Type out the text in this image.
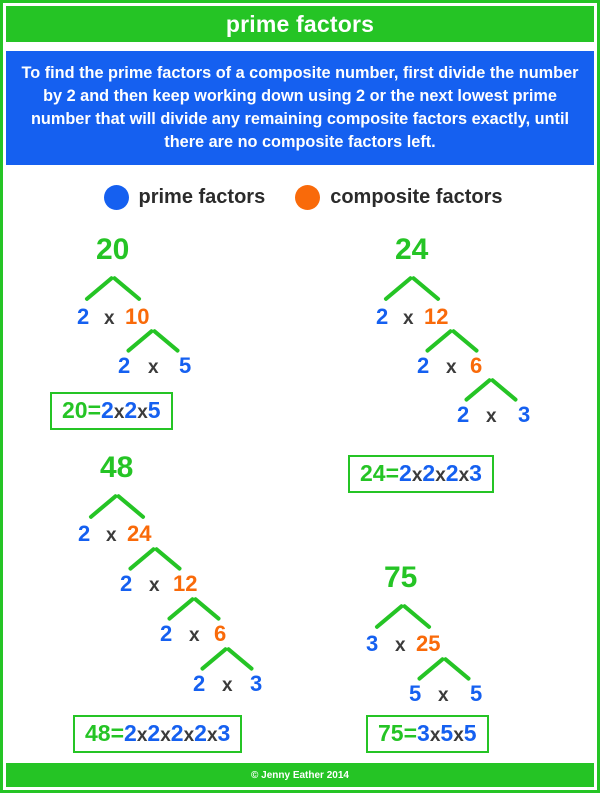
prime factors

To find the prime factors of a composite number, first divide the number by 2 and then keep working down using 2 or the next lowest prime number that will divide any remaining composite factors exactly, until there are no composite factors left.

prime factors	composite factors
20
2 x 10
2 x 5
20=2x2x5
24
2 x 12
2 x 6
2 x 3
24=2x2x2x3
48
2 x 24
2 x 12
2 x 6
2 x 3
48=2x2x2x2x3
75
3 x 25
5 x 5
75=3x5x5
© Jenny Eather 2014
